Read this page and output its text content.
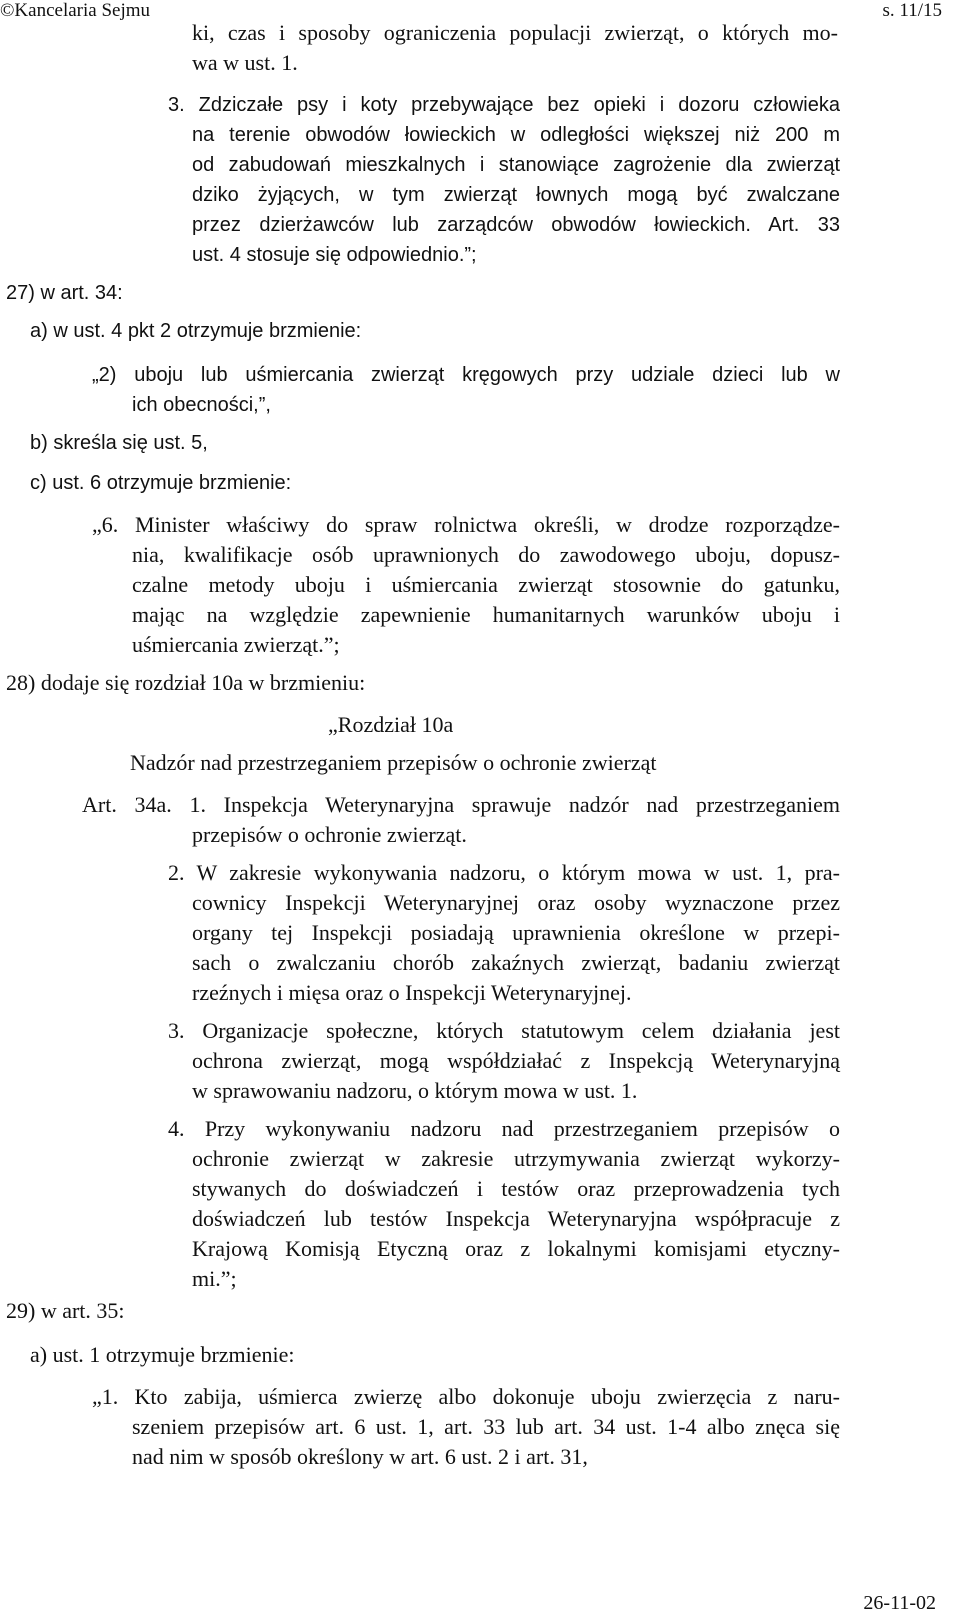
©Kancelaria Sejmu	s. 11/15
ki, czas i sposoby ograniczenia populacji zwierząt, o których mo-
wa w ust. 1.
3. Zdziczałe psy i koty przebywające bez opieki i dozoru człowieka
na terenie obwodów łowieckich w odległości większej niż 200 m
od zabudowań mieszkalnych i stanowiące zagrożenie dla zwierząt
dziko żyjących, w tym zwierząt łownych mogą być zwalczane
przez dzierżawców lub zarządców obwodów łowieckich. Art. 33
ust. 4 stosuje się odpowiednio.”;
27) w art. 34:
a) w ust. 4 pkt 2 otrzymuje brzmienie:
„2) uboju lub uśmiercania zwierząt kręgowych przy udziale dzieci lub w
ich obecności,”,
b) skreśla się ust. 5,
c) ust. 6 otrzymuje brzmienie:
„6. Minister właściwy do spraw rolnictwa określi, w drodze rozporządze-
nia, kwalifikacje osób uprawnionych do zawodowego uboju, dopusz-
czalne metody uboju i uśmiercania zwierząt stosownie do gatunku,
mając na względzie zapewnienie humanitarnych warunków uboju i
uśmiercania zwierząt.”;
28) dodaje się rozdział 10a w brzmieniu:
„Rozdział 10a
Nadzór nad przestrzeganiem przepisów o ochronie zwierząt
Art. 34a. 1. Inspekcja Weterynaryjna sprawuje nadzór nad przestrzeganiem
przepisów o ochronie zwierząt.
2. W zakresie wykonywania nadzoru, o którym mowa w ust. 1, pra-
cownicy Inspekcji Weterynaryjnej oraz osoby wyznaczone przez
organy tej Inspekcji posiadają uprawnienia określone w przepi-
sach o zwalczaniu chorób zakaźnych zwierząt, badaniu zwierząt
rzeźnych i mięsa oraz o Inspekcji Weterynaryjnej.
3. Organizacje społeczne, których statutowym celem działania jest
ochrona zwierząt, mogą współdziałać z Inspekcją Weterynaryjną
w sprawowaniu nadzoru, o którym mowa w ust. 1.
4. Przy wykonywaniu nadzoru nad przestrzeganiem przepisów o
ochronie zwierząt w zakresie utrzymywania zwierząt wykorzy-
stywanych do doświadczeń i testów oraz przeprowadzenia tych
doświadczeń lub testów Inspekcja Weterynaryjna współpracuje z
Krajową Komisją Etyczną oraz z lokalnymi komisjami etyczny-
mi.”;
29) w art. 35:
a) ust. 1 otrzymuje brzmienie:
„1. Kto zabija, uśmierca zwierzę albo dokonuje uboju zwierzęcia z naru-
szeniem przepisów art. 6 ust. 1, art. 33 lub art. 34 ust. 1-4 albo znęca się
nad nim w sposób określony w art. 6 ust. 2 i art. 31,
26-11-02
